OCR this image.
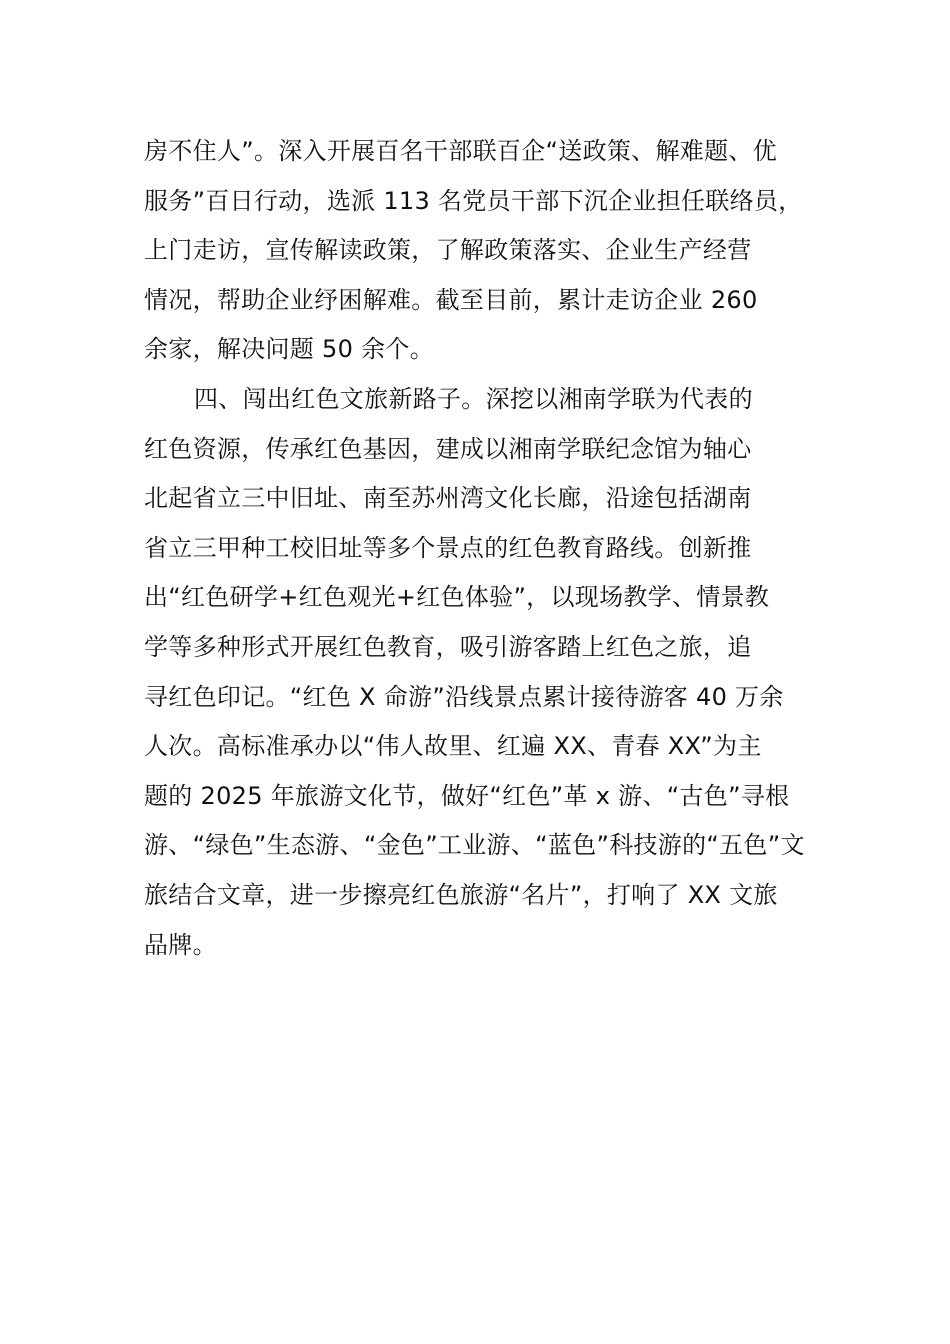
房不住人”。深入开展百名干部联百企“送政策、解难题、优
服务”百日行动，选派 113 名党员干部下沉企业担任联络员，
上门走访，宣传解读政策，了解政策落实、企业生产经营
情况，帮助企业纾困解难。截至目前，累计走访企业 260
余家，解决问题 50 余个。
四、闯出红色文旅新路子。深挖以湘南学联为代表的
红色资源，传承红色基因，建成以湘南学联纪念馆为轴心
北起省立三中旧址、南至苏州湾文化长廊，沿途包括湖南
省立三甲种工校旧址等多个景点的红色教育路线。创新推
出“红色研学+红色观光+红色体验”，以现场教学、情景教
学等多种形式开展红色教育，吸引游客踏上红色之旅，追
寻红色印记。“红色 X 命游”沿线景点累计接待游客 40 万余
人次。高标准承办以“伟人故里、红遍 XX、青春 XX”为主
题的 2025 年旅游文化节，做好“红色”革 x 游、“古色”寻根
游、“绿色”生态游、“金色”工业游、“蓝色”科技游的“五色”文
旅结合文章，进一步擦亮红色旅游“名片”，打响了 XX 文旅
品牌。
